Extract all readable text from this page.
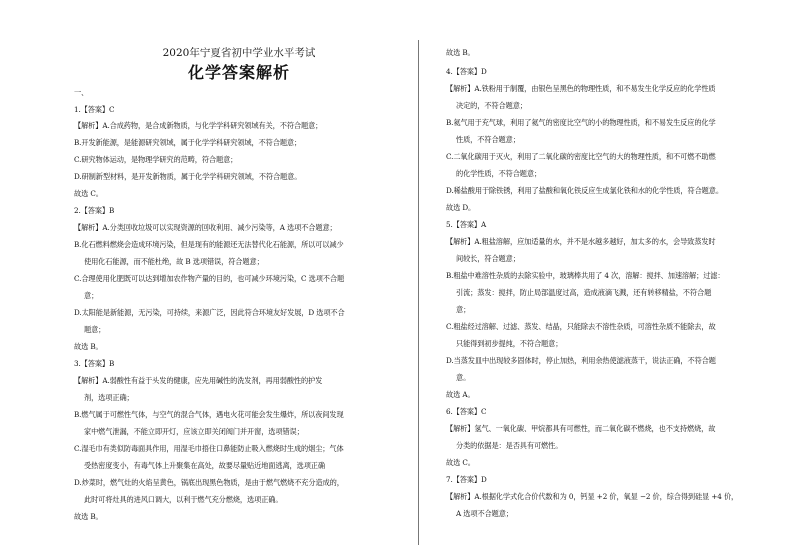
2020年宁夏省初中学业水平考试
化学答案解析
一、
1.【答案】C
【解析】A.合成药物，是合成新物质，与化学学科研究领域有关，不符合题意；
B.开发新能源，是能源研究领域，属于化学学科研究领域，不符合题意；
C.研究物体运动，是物理学研究的范畴，符合题意；
D.研制新型材料，是开发新物质，属于化学学科研究领域，不符合题意。
故选 C。
2.【答案】B
【解析】A.分类回收垃圾可以实现资源的回收利用、减少污染等，A 选项不合题意；
B.化石燃料燃烧会造成环境污染，但是现有的能源还无法替代化石能源，所以可以减少
使用化石能源，而不能杜绝，故 B 选项错误，符合题意；
C.合理使用化肥既可以达到增加农作物产量的目的，也可减少环境污染，C 选项不合题
意；
D.太阳能是新能源，无污染，可持续，来源广泛，因此符合环境友好发展，D 选项不合
题意；
故选 B。
3.【答案】B
【解析】A.弱酸性有益于头发的健康，应先用碱性的洗发剂，再用弱酸性的护发
剂，选项正确；
B.燃气属于可燃性气体，与空气的混合气体，遇电火花可能会发生爆炸，所以夜间发现
家中燃气泄漏，不能立即开灯，应该立即关闭阀门并开窗，选项错误；
C.湿毛巾有类似防毒面具作用，用湿毛巾捂住口鼻能防止吸入燃烧时生成的烟尘；气体
受热密度变小，有毒气体上升聚集在高处，故要尽量贴近地面逃离，选项正确
D.炒菜时，燃气灶的火焰呈黄色，锅底出现黑色物质，是由于燃气燃烧不充分造成的，
此时可将灶具的进风口调大，以利于燃气充分燃烧，选项正确。
故选 B。
故选 B。
4.【答案】D
【解析】A.铁粉用于制覆，由银色呈黑色的物理性质，和不易发生化学反应的化学性质
决定的，不符合题意；
B.氦气用于充气球，利用了氦气的密度比空气的小的物理性质，和不易发生反应的化学
性质，不符合题意；
C.二氧化碳用于灭火，利用了二氧化碳的密度比空气的大的物理性质，和不可燃不助燃
的化学性质，不符合题意；
D.稀盐酸用于除铁锈，利用了盐酸和氧化铁反应生成氯化铁和水的化学性质，符合题意。
故选 D。
5.【答案】A
【解析】A.粗盐溶解，应加适量的水，并不是水越多越好，加太多的水，会导致蒸发时
间较长，符合题意；
B.粗盐中难溶性杂质的去除实验中，玻璃棒共用了 4 次，溶解：搅拌、加速溶解；过滤：
引流；蒸发：搅拌，防止局部温度过高，造成液滴飞溅，还有转移精盐，不符合题
意；
C.粗盐经过溶解、过滤、蒸发、结晶，只能除去不溶性杂质，可溶性杂质不能除去，故
只能得到初步提纯，不符合题意；
D.当蒸发皿中出现较多固体时，停止加热，利用余热使滤液蒸干，说法正确，不符合题
意。
故选 A。
6.【答案】C
【解析】氢气、一氧化碳、甲烷都具有可燃性，而二氧化碳不燃烧，也不支持燃烧，故
分类的依据是：是否具有可燃性。
故选 C。
7.【答案】D
【解析】A.根据化学式化合价代数和为 0，钙显 +2 价，氧显 −2 价，综合得到硅显 +4 价，
A 选项不合题意；
